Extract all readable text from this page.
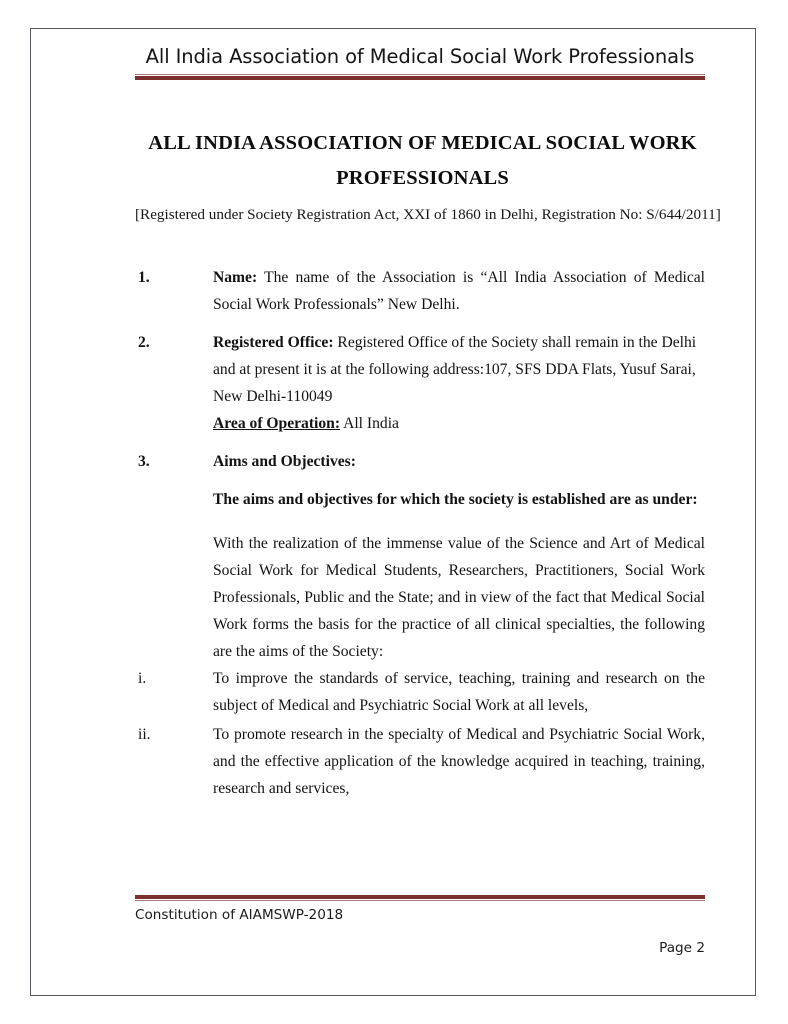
All India Association of Medical Social Work Professionals
ALL INDIA ASSOCIATION OF MEDICAL SOCIAL WORK
PROFESSIONALS
[Registered under Society Registration Act, XXI of 1860 in Delhi, Registration No: S/644/2011]
1.	Name: The name of the Association is “All India Association of Medical Social Work Professionals” New Delhi.
2.	Registered Office: Registered Office of the Society shall remain in the Delhi
and at present it is at the following address:107, SFS DDA Flats, Yusuf Sarai,
New Delhi-110049
Area of Operation: All India
3.	Aims and Objectives:
The aims and objectives for which the society is established are as under:
With the realization of the immense value of the Science and Art of Medical Social Work for Medical Students, Researchers, Practitioners, Social Work Professionals, Public and the State; and in view of the fact that Medical Social Work forms the basis for the practice of all clinical specialties, the following are the aims of the Society:
i.	To improve the standards of service, teaching, training and research on the subject of Medical and Psychiatric Social Work at all levels,
ii.	To promote research in the specialty of Medical and Psychiatric Social Work, and the effective application of the knowledge acquired in teaching, training, research and services,
Constitution of AIAMSWP-2018
Page 2
